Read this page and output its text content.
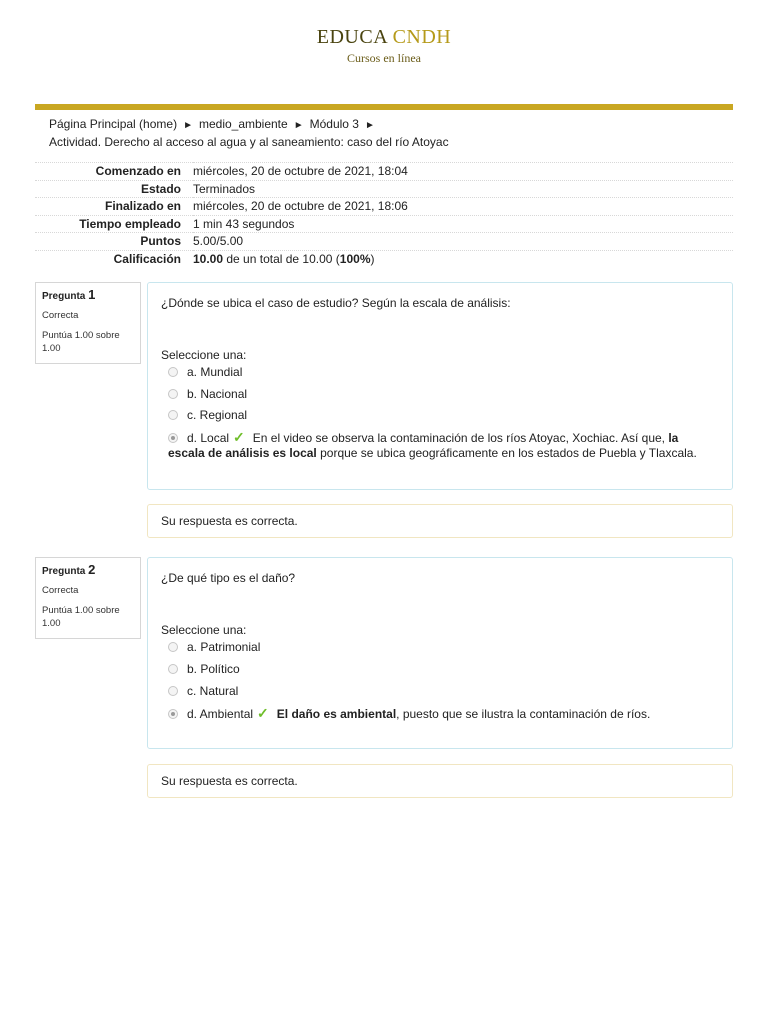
EDUCA CNDH
Cursos en línea
Página Principal (home) ► medio_ambiente ► Módulo 3 ►
Actividad. Derecho al acceso al agua y al saneamiento: caso del río Atoyac
Comenzado en	miércoles, 20 de octubre de 2021, 18:04
Estado	Terminados
Finalizado en	miércoles, 20 de octubre de 2021, 18:06
Tiempo empleado	1 min 43 segundos
Puntos	5.00/5.00
Calificación	10.00 de un total de 10.00 (100%)
Pregunta 1
Correcta
Puntúa 1.00 sobre
1.00
¿Dónde se ubica el caso de estudio? Según la escala de análisis:
Seleccione una:
a. Mundial
b. Nacional
c. Regional
d. Local ✓ En el video se observa la contaminación de los ríos Atoyac, Xochiac. Así que, la escala de análisis es local porque se ubica geográficamente en los estados de Puebla y Tlaxcala.
Su respuesta es correcta.
Pregunta 2
Correcta
Puntúa 1.00 sobre
1.00
¿De qué tipo es el daño?
Seleccione una:
a. Patrimonial
b. Político
c. Natural
d. Ambiental ✓ El daño es ambiental, puesto que se ilustra la contaminación de ríos.
Su respuesta es correcta.
